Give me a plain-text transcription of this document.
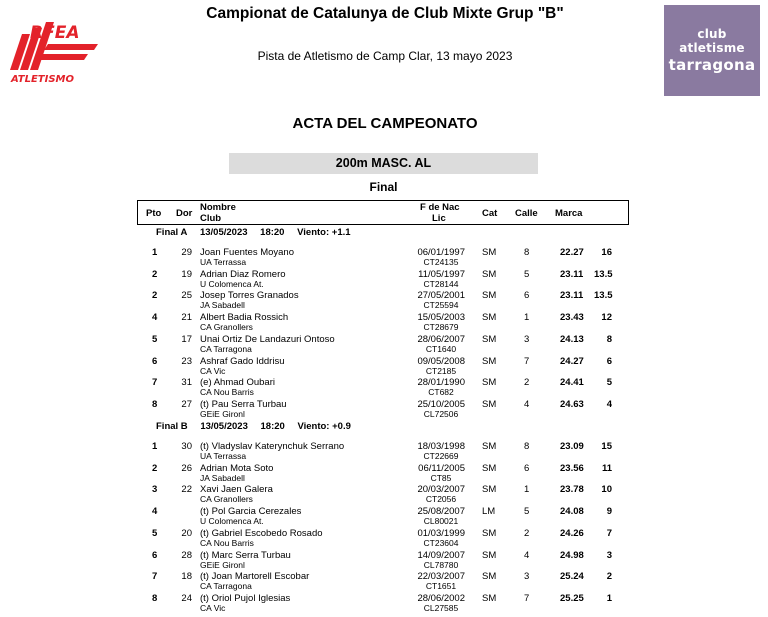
RFEA
ATLETISMO
club atletisme
tarragona
Campionat de Catalunya de Club Mixte Grup "B"
Pista de Atletismo de Camp Clar, 13 mayo 2023
ACTA DEL CAMPEONATO
200m MASC. AL
Final
Pto Dor
Nombre
Club
F de Nac
Lic	Cat Calle Marca
Final A 13/05/2023 18:20 Viento: +1.1
1	29 Joan Fuentes Moyano
UA Terrassa
06/01/1997
CT24135
SM	8	22.27	16
2	19 Adrian Diaz Romero
U Colomenca At.
11/05/1997
CT28144
SM	5	23.11 13.5
2	25 Josep Torres Granados
JA Sabadell
27/05/2001
CT25594
SM	6	23.11 13.5
4	21 Albert Badia Rossich
CA Granollers
15/05/2003
CT28679
SM	1	23.43	12
5	17 Unai Ortiz De Landazuri Ontoso
CA Tarragona
28/06/2007
CT1640
SM	3	24.13	8
6	23 Ashraf Gado Iddrisu
CA Vic
09/05/2008
CT2185
SM	7	24.27	6
7	31 (e) Ahmad Oubari
CA Nou Barris
28/01/1990
CT682
SM	2	24.41	5
8	27 (t) Pau Serra Turbau
GEiE Gironl
25/10/2005
CL72506
SM	4	24.63	4
Final B 13/05/2023 18:20 Viento: +0.9
1	30 (t) Vladyslav Katerynchuk Serrano
UA Terrassa
18/03/1998
CT22669
SM	8	23.09	15
2	26 Adrian Mota Soto
JA Sabadell
06/11/2005
CT85
SM	6	23.56	11
3	22 Xavi Jaen Galera
CA Granollers
20/03/2007
CT2056
SM	1	23.78	10
4	(t) Pol Garcia Cerezales
U Colomenca At.
25/08/2007
CL80021
LM	5	24.08	9
5	20 (t) Gabriel Escobedo Rosado
CA Nou Barris
01/03/1999
CT23604
SM	2	24.26	7
6	28 (t) Marc Serra Turbau
GEiE Gironl
14/09/2007
CL78780
SM	4	24.98	3
7	18 (t) Joan Martorell Escobar
CA Tarragona
22/03/2007
CT1651
SM	3	25.24	2
8	24 (t) Oriol Pujol Iglesias
CA Vic
28/06/2002
CL27585
SM	7	25.25	1
